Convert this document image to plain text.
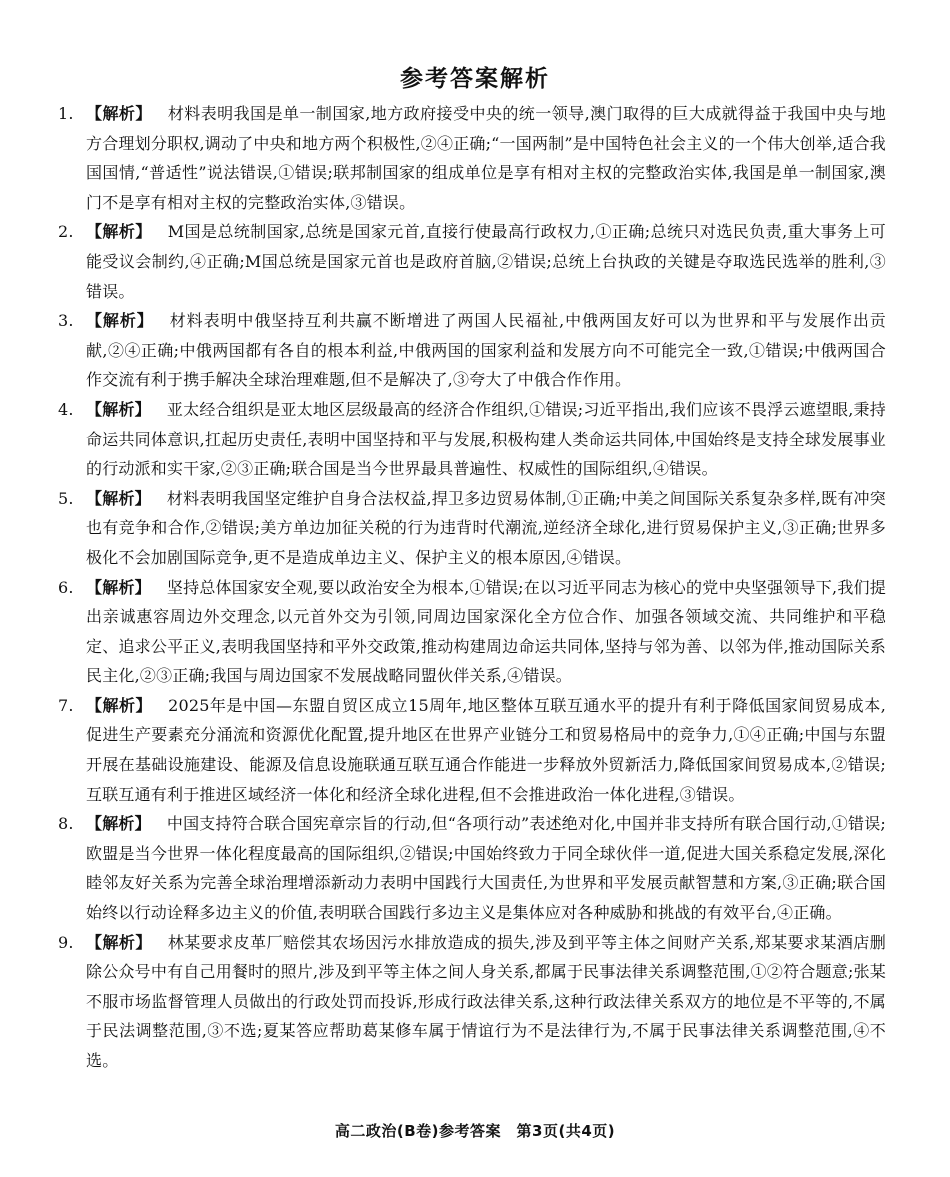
参考答案解析
1. 【解析】 材料表明我国是单一制国家,地方政府接受中央的统一领导,澳门取得的巨大成就得益于我国中央与地方合理划分职权,调动了中央和地方两个积极性,②④正确;“一国两制”是中国特色社会主义的一个伟大创举,适合我国国情,“普适性”说法错误,①错误;联邦制国家的组成单位是享有相对主权的完整政治实体,我国是单一制国家,澳门不是享有相对主权的完整政治实体,③错误。
2. 【解析】 M国是总统制国家,总统是国家元首,直接行使最高行政权力,①正确;总统只对选民负责,重大事务上可能受议会制约,④正确;M国总统是国家元首也是政府首脑,②错误;总统上台执政的关键是夺取选民选举的胜利,③错误。
3. 【解析】 材料表明中俄坚持互利共赢不断增进了两国人民福祉,中俄两国友好可以为世界和平与发展作出贡献,②④正确;中俄两国都有各自的根本利益,中俄两国的国家利益和发展方向不可能完全一致,①错误;中俄两国合作交流有利于携手解决全球治理难题,但不是解决了,③夸大了中俄合作作用。
4. 【解析】 亚太经合组织是亚太地区层级最高的经济合作组织,①错误;习近平指出,我们应该不畏浮云遮望眼,秉持命运共同体意识,扛起历史责任,表明中国坚持和平与发展,积极构建人类命运共同体,中国始终是支持全球发展事业的行动派和实干家,②③正确;联合国是当今世界最具普遍性、权威性的国际组织,④错误。
5. 【解析】 材料表明我国坚定维护自身合法权益,捍卫多边贸易体制,①正确;中美之间国际关系复杂多样,既有冲突也有竞争和合作,②错误;美方单边加征关税的行为违背时代潮流,逆经济全球化,进行贸易保护主义,③正确;世界多极化不会加剧国际竞争,更不是造成单边主义、保护主义的根本原因,④错误。
6. 【解析】 坚持总体国家安全观,要以政治安全为根本,①错误;在以习近平同志为核心的党中央坚强领导下,我们提出亲诚惠容周边外交理念,以元首外交为引领,同周边国家深化全方位合作、加强各领域交流、共同维护和平稳定、追求公平正义,表明我国坚持和平外交政策,推动构建周边命运共同体,坚持与邻为善、以邻为伴,推动国际关系民主化,②③正确;我国与周边国家不发展战略同盟伙伴关系,④错误。
7. 【解析】 2025年是中国—东盟自贸区成立15周年,地区整体互联互通水平的提升有利于降低国家间贸易成本,促进生产要素充分涌流和资源优化配置,提升地区在世界产业链分工和贸易格局中的竞争力,①④正确;中国与东盟开展在基础设施建设、能源及信息设施联通互联互通合作能进一步释放外贸新活力,降低国家间贸易成本,②错误;互联互通有利于推进区域经济一体化和经济全球化进程,但不会推进政治一体化进程,③错误。
8. 【解析】 中国支持符合联合国宪章宗旨的行动,但“各项行动”表述绝对化,中国并非支持所有联合国行动,①错误;欧盟是当今世界一体化程度最高的国际组织,②错误;中国始终致力于同全球伙伴一道,促进大国关系稳定发展,深化睦邻友好关系为完善全球治理增添新动力表明中国践行大国责任,为世界和平发展贡献智慧和方案,③正确;联合国始终以行动诠释多边主义的价值,表明联合国践行多边主义是集体应对各种威胁和挑战的有效平台,④正确。
9. 【解析】 林某要求皮革厂赔偿其农场因污水排放造成的损失,涉及到平等主体之间财产关系,郑某要求某酒店删除公众号中有自己用餐时的照片,涉及到平等主体之间人身关系,都属于民事法律关系调整范围,①②符合题意;张某不服市场监督管理人员做出的行政处罚而投诉,形成行政法律关系,这种行政法律关系双方的地位是不平等的,不属于民法调整范围,③不选;夏某答应帮助葛某修车属于情谊行为不是法律行为,不属于民事法律关系调整范围,④不选。
高二政治(B卷)参考答案　第3页(共4页)
